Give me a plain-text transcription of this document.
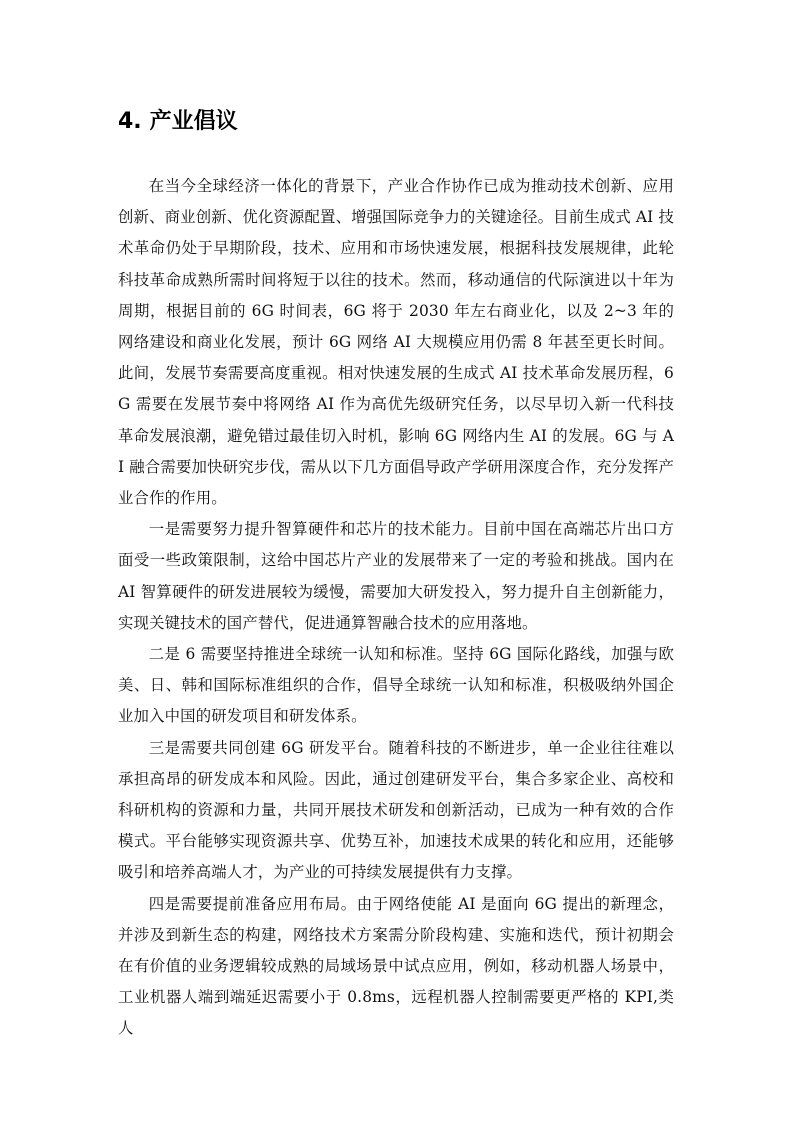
4. 产业倡议

在当今全球经济一体化的背景下，产业合作协作已成为推动技术创新、应用创新、商业创新、优化资源配置、增强国际竞争力的关键途径。目前生成式 AI 技术革命仍处于早期阶段，技术、应用和市场快速发展，根据科技发展规律，此轮科技革命成熟所需时间将短于以往的技术。然而，移动通信的代际演进以十年为周期，根据目前的 6G 时间表，6G 将于 2030 年左右商业化，以及 2~3 年的网络建设和商业化发展，预计 6G 网络 AI 大规模应用仍需 8 年甚至更长时间。此间，发展节奏需要高度重视。相对快速发展的生成式 AI 技术革命发展历程，6G 需要在发展节奏中将网络 AI 作为高优先级研究任务，以尽早切入新一代科技革命发展浪潮，避免错过最佳切入时机，影响 6G 网络内生 AI 的发展。6G 与 AI 融合需要加快研究步伐，需从以下几方面倡导政产学研用深度合作，充分发挥产业合作的作用。

一是需要努力提升智算硬件和芯片的技术能力。目前中国在高端芯片出口方面受一些政策限制，这给中国芯片产业的发展带来了一定的考验和挑战。国内在 AI 智算硬件的研发进展较为缓慢，需要加大研发投入，努力提升自主创新能力，实现关键技术的国产替代，促进通算智融合技术的应用落地。

二是 6 需要坚持推进全球统一认知和标准。坚持 6G 国际化路线，加强与欧美、日、韩和国际标准组织的合作，倡导全球统一认知和标准，积极吸纳外国企业加入中国的研发项目和研发体系。

三是需要共同创建 6G 研发平台。随着科技的不断进步，单一企业往往难以承担高昂的研发成本和风险。因此，通过创建研发平台，集合多家企业、高校和科研机构的资源和力量，共同开展技术研发和创新活动，已成为一种有效的合作模式。平台能够实现资源共享、优势互补，加速技术成果的转化和应用，还能够吸引和培养高端人才，为产业的可持续发展提供有力支撑。

四是需要提前准备应用布局。由于网络使能 AI 是面向 6G 提出的新理念，并涉及到新生态的构建，网络技术方案需分阶段构建、实施和迭代，预计初期会在有价值的业务逻辑较成熟的局域场景中试点应用，例如，移动机器人场景中，工业机器人端到端延迟需要小于 0.8ms，远程机器人控制需要更严格的 KPI,类人
